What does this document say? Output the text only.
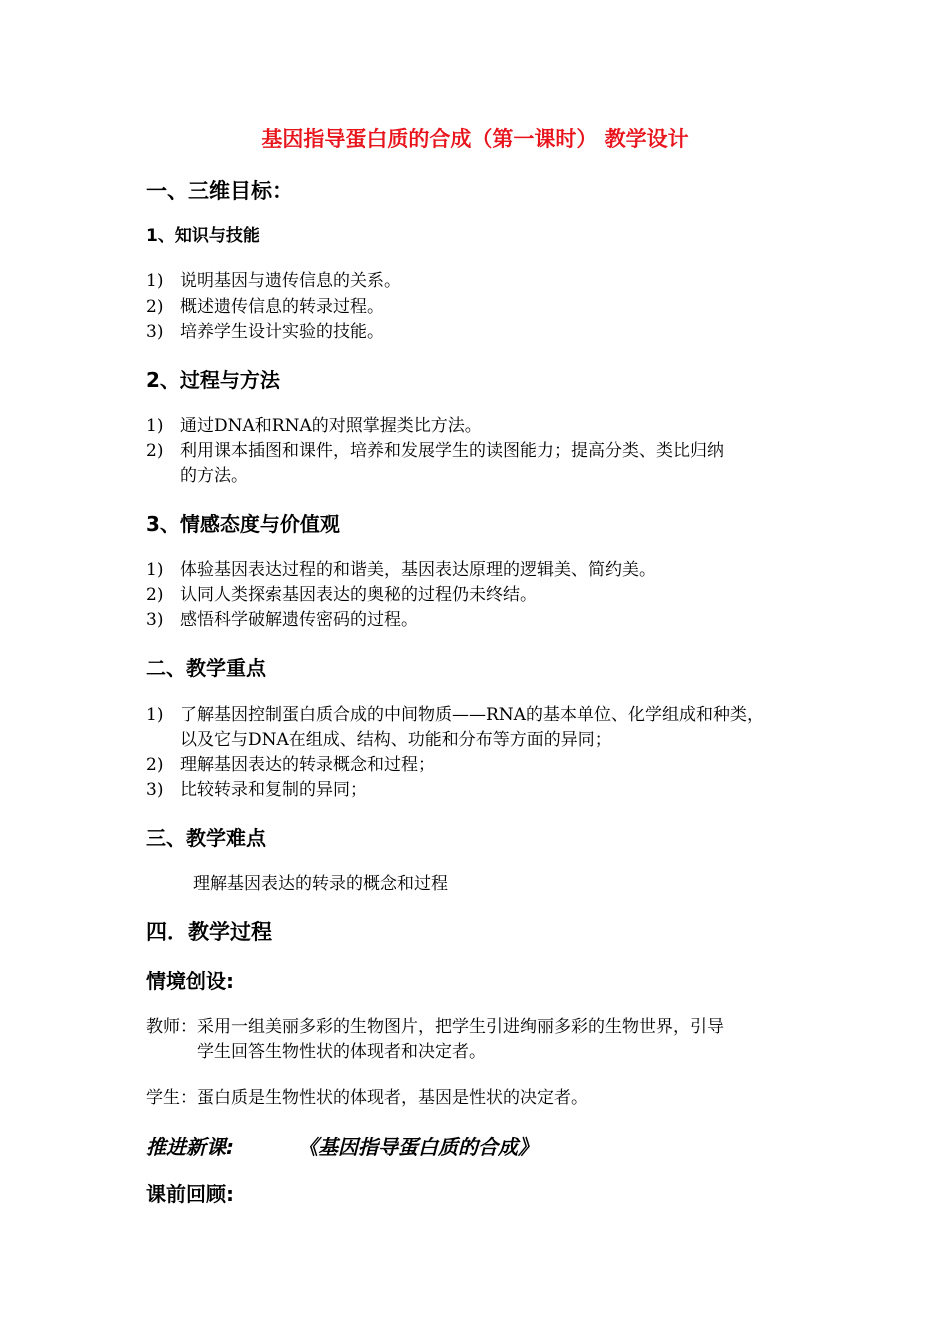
基因指导蛋白质的合成（第一课时） 教学设计
一、三维目标：
1、知识与技能
1) 说明基因与遗传信息的关系。
2) 概述遗传信息的转录过程。
3) 培养学生设计实验的技能。
2、过程与方法
1) 通过DNA和RNA的对照掌握类比方法。
2) 利用课本插图和课件，培养和发展学生的读图能力；提高分类、类比归纳
的方法。
3、情感态度与价值观
1) 体验基因表达过程的和谐美，基因表达原理的逻辑美、简约美。
2) 认同人类探索基因表达的奥秘的过程仍未终结。
3) 感悟科学破解遗传密码的过程。
二、教学重点
1) 了解基因控制蛋白质合成的中间物质——RNA的基本单位、化学组成和种类，
以及它与DNA在组成、结构、功能和分布等方面的异同；
2) 理解基因表达的转录概念和过程；
3) 比较转录和复制的异同；
三、教学难点
理解基因表达的转录的概念和过程
四．教学过程
情境创设:
教师：采用一组美丽多彩的生物图片，把学生引进绚丽多彩的生物世界，引导
学生回答生物性状的体现者和决定者。
学生：蛋白质是生物性状的体现者，基因是性状的决定者。
推进新课:	《基因指导蛋白质的合成》
课前回顾:
